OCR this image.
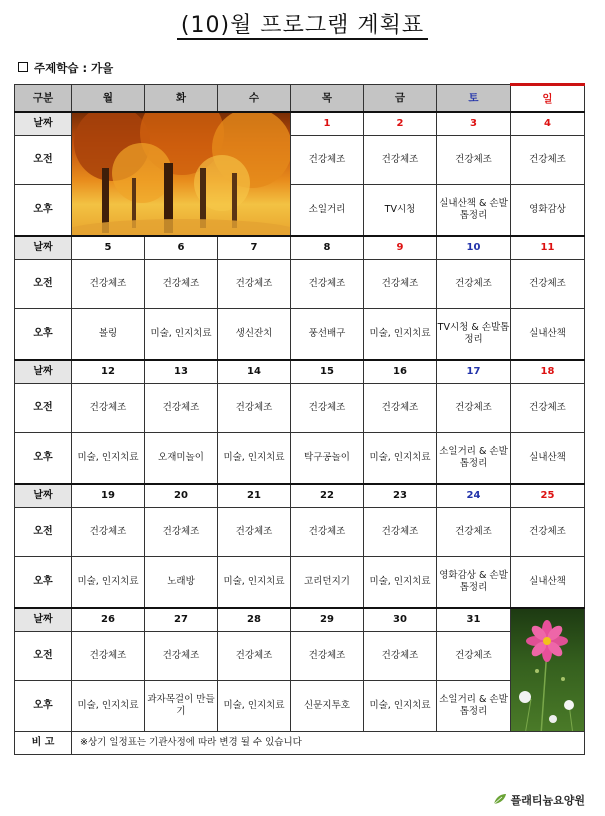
(10)월 프로그램 계획표
주제학습 : 가을
구분	월	화	수	목	금	토	일
날짜				1	2	3	4
오전				건강체조	건강체조	건강체조	건강체조
오후				소일거리	TV시청	실내산책 & 손발톱정리	영화감상
날짜	5	6	7	8	9	10	11
오전	건강체조	건강체조	건강체조	건강체조	건강체조	건강체조	건강체조
오후	볼링	미술, 인지치료	생신잔치	풍선배구	미술, 인지치료	TV시청 & 손발톱정리	실내산책
날짜	12	13	14	15	16	17	18
오전	건강체조	건강체조	건강체조	건강체조	건강체조	건강체조	건강체조
오후	미술, 인지치료	오재미놀이	미술, 인지치료	탁구공놀이	미술, 인지치료	소일거리 & 손발톱정리	실내산책
날짜	19	20	21	22	23	24	25
오전	건강체조	건강체조	건강체조	건강체조	건강체조	건강체조	건강체조
오후	미술, 인지치료	노래방	미술, 인지치료	고리던지기	미술, 인지치료	영화감상 & 손발톱정리	실내산책
날짜	26	27	28	29	30	31	

오전	건강체조	건강체조	건강체조	건강체조	건강체조	건강체조	
오후	미술, 인지치료	과자목걸이 만들기	미술, 인지치료	신문지투호	미술, 인지치료	소일거리 & 손발톱정리	
비 고	※상기 일정표는 기관사정에 따라 변경 될 수 있습니다						
플래티늄요양원
